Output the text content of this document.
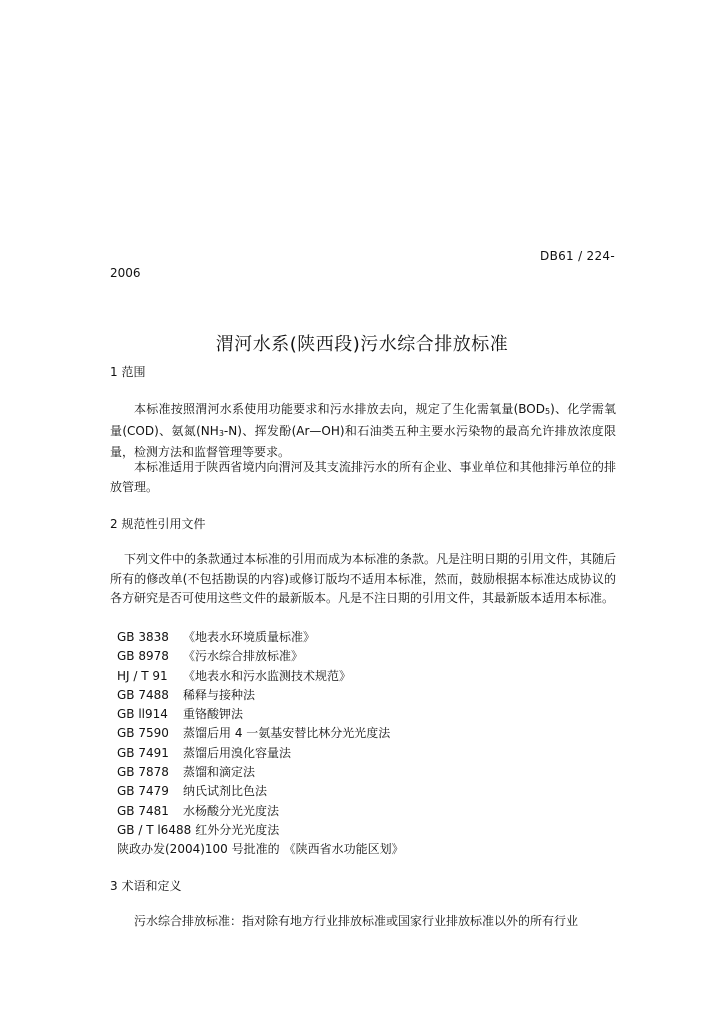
DB61 / 224-
2006
渭河水系(陕西段)污水综合排放标准
1 范围

本标准按照渭河水系使用功能要求和污水排放去向，规定了生化需氧量(BOD5)、化学需氧量(COD)、氨氮(NH3-N)、挥发酚(Ar—OH)和石油类五种主要水污染物的最高允许排放浓度限量，检测方法和监督管理等要求。

本标准适用于陕西省境内向渭河及其支流排污水的所有企业、事业单位和其他排污单位的排放管理。

2 规范性引用文件

下列文件中的条款通过本标准的引用而成为本标准的条款。凡是注明日期的引用文件，其随后所有的修改单(不包括勘误的内容)或修订版均不适用本标准，然而，鼓励根据本标准达成协议的各方研究是否可使用这些文件的最新版本。凡是不注日期的引用文件，其最新版本适用本标准。

GB 3838 《地表水环境质量标准》
GB 8978 《污水综合排放标准》
HJ / T 91 《地表水和污水监测技术规范》
GB 7488 稀释与接种法
GB ll914 重铬酸钾法
GB 7590 蒸馏后用 4 一氨基安替比林分光光度法
GB 7491 蒸馏后用溴化容量法
GB 7878 蒸馏和滴定法
GB 7479 纳氏试剂比色法
GB 7481 水杨酸分光光度法
GB / T l6488 红外分光光度法
陕政办发(2004)100 号批准的 《陕西省水功能区划》
3 术语和定义

污水综合排放标准：指对除有地方行业排放标准或国家行业排放标准以外的所有行业
